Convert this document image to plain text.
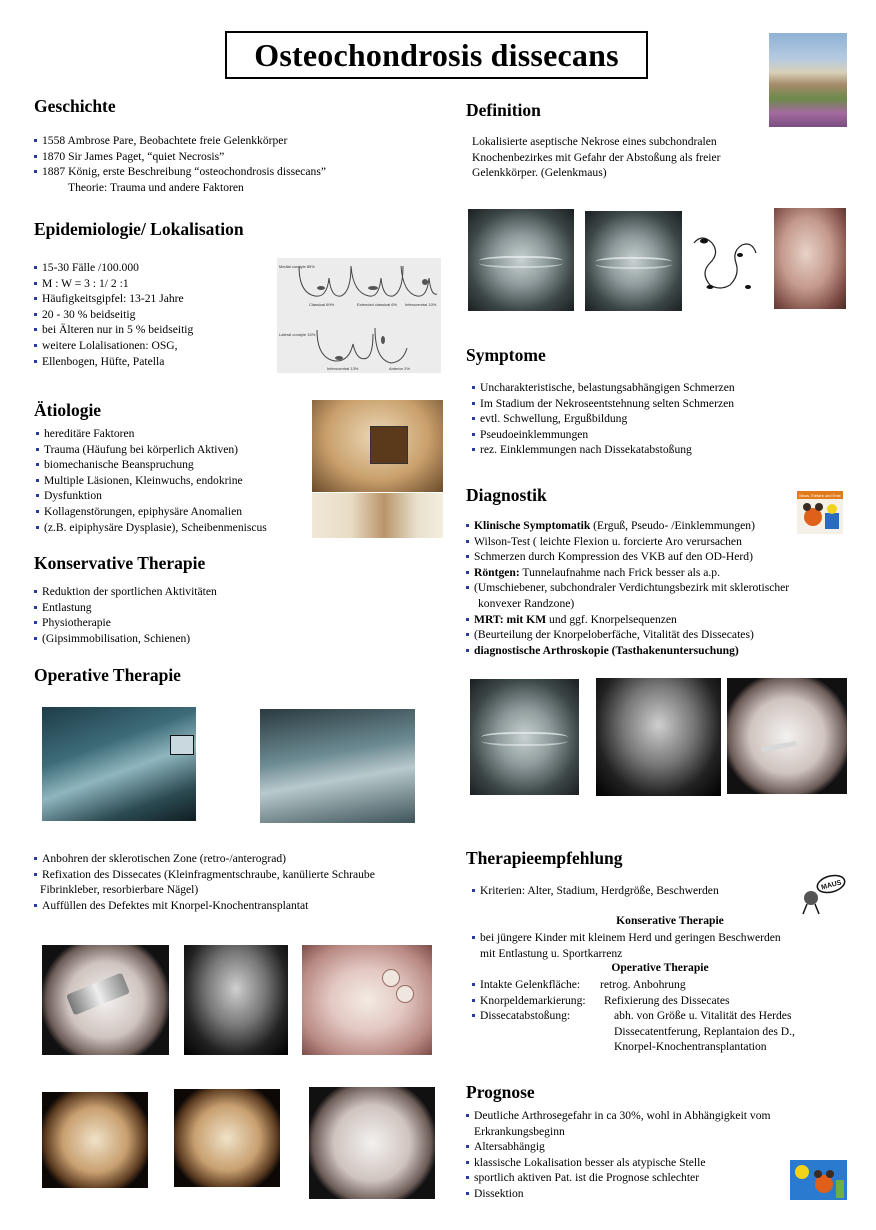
Osteochondrosis dissecans
Geschichte
1558 Ambrose Pare, Beobachtete freie Gelenkkörper
1870 Sir James Paget, “quiet Necrosis”
1887 König, erste Beschreibung “osteochondrosis dissecans”
Theorie: Trauma und andere Faktoren
Epidemiologie/ Lokalisation
15-30 Fälle /100.000
M : W = 3 : 1/ 2 :1
Häufigkeitsgipfel: 13-21 Jahre
20 - 30 % beidseitig
bei Älteren nur in 5 % beidseitig
weitere Lolalisationen: OSG,
Ellenbogen, Hüfte, Patella
Medial condyle 85%
Classical 69%	Extended classical 6% Inferocentral 10%
Lateral condyle 15%
Inferocentral 13%	Anterior 2%
Ätiologie
hereditäre Faktoren
Trauma (Häufung bei körperlich Aktiven)
biomechanische Beanspruchung
Multiple Läsionen, Kleinwuchs, endokrine
Dysfunktion
Kollagenstörungen, epiphysäre Anomalien
(z.B. eipiphysäre Dysplasie), Scheibenmeniscus
Konservative Therapie
Reduktion der sportlichen Aktivitäten
Entlastung
Physiotherapie
(Gipsimmobilisation, Schienen)
Operative Therapie
Anbohren der sklerotischen Zone (retro-/anterograd)
Refixation des Dissecates (Kleinfragmentschraube, kanülierte Schraube
Fibrinkleber, resorbierbare Nägel)
Auffüllen des Defektes mit Knorpel-Knochentransplantat
Definition
Lokalisierte aseptische Nekrose eines subchondralen
Knochenbezirkes mit Gefahr der Abstoßung als freier
Gelenkkörper. (Gelenkmaus)
Symptome
Uncharakteristische, belastungsabhängigen Schmerzen
Im Stadium der Nekroseentstehnung selten Schmerzen
evtl. Schwellung, Ergußbildung
Pseudoeinklemmungen
rez. Einklemmungen nach Dissekatabstoßung
Diagnostik	Maus, Elefant und Ente
Klinische Symptomatik (Erguß, Pseudo- /Einklemmungen)
Wilson-Test ( leichte Flexion u. forcierte Aro verursachen
Schmerzen durch Kompression des VKB auf den OD-Herd)
Röntgen: Tunnelaufnahme nach Frick besser als a.p.
(Umschiebener, subchondraler Verdichtungsbezirk mit sklerotischer
konvexer Randzone)
MRT: mit KM und ggf. Knorpelsequenzen
(Beurteilung der Knorpeloberfäche, Vitalität des Dissecates)
diagnostische Arthroskopie (Tasthakenuntersuchung)
Therapieempfehlung
MAUS
Kriterien: Alter, Stadium, Herdgröße, Beschwerden
Konserative Therapie
bei jüngere Kinder mit kleinem Herd und geringen Beschwerden
mit Entlastung u. Sportkarrenz
Operative Therapie
Intakte Gelenkfläche: retrog. Anbohrung
Knorpeldemarkierung: Refixierung des Dissecates
Dissecatabstoßung:	abh. von Größe u. Vitalität des Herdes
Dissecatentferung, Replantaion des D.,
Knorpel-Knochentransplantation
Prognose
Deutliche Arthrosegefahr in ca 30%, wohl in Abhängigkeit vom
Erkrankungsbeginn
Altersabhängig
klassische Lokalisation besser als atypische Stelle
sportlich aktiven Pat. ist die Prognose schlechter
Dissektion
